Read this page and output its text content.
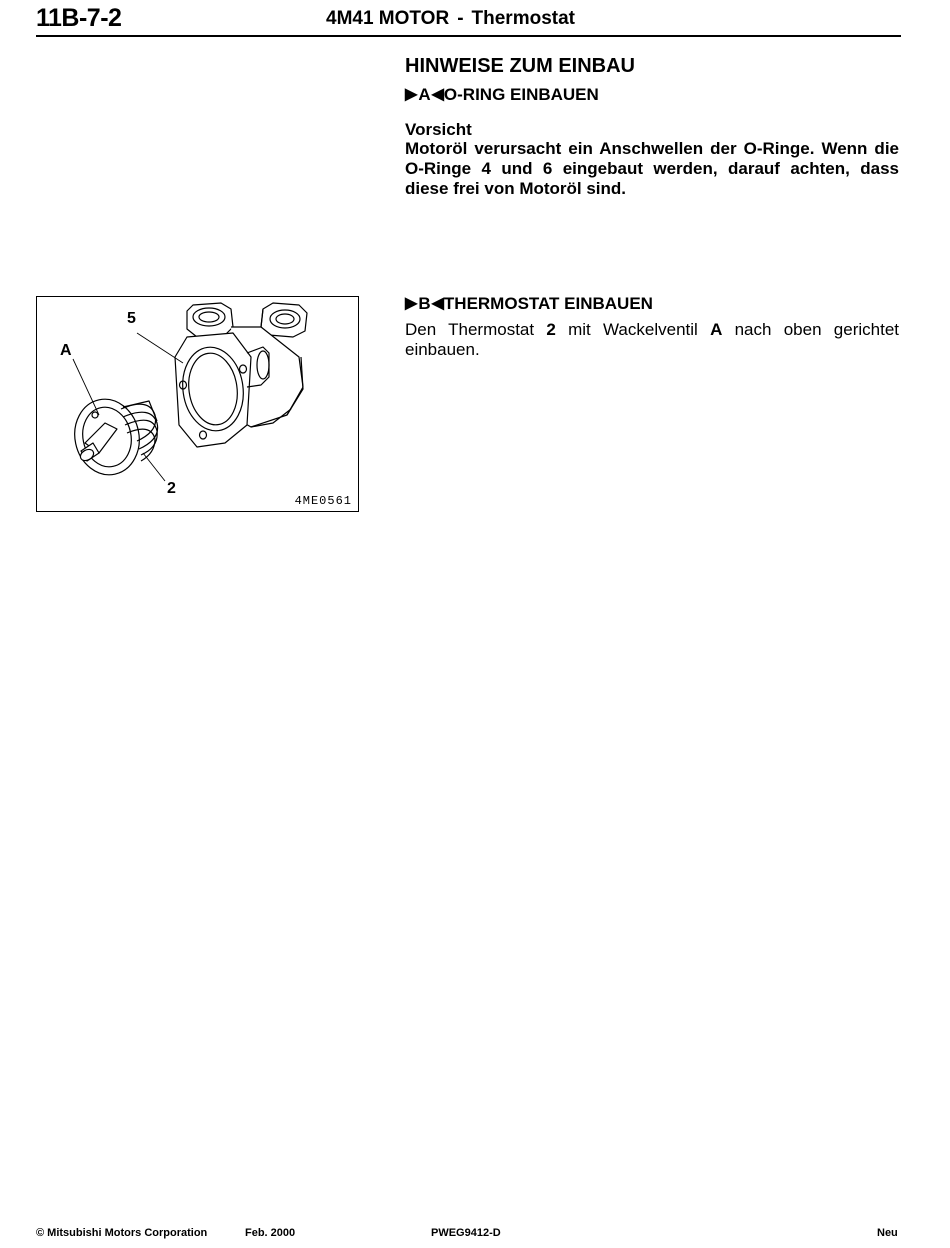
11B-7-2	4M41 MOTOR - Thermostat
HINWEISE ZUM EINBAU
▶ A ◀ O-RING EINBAUEN
Vorsicht
Motoröl verursacht ein Anschwellen der O-Ringe. Wenn die O-Ringe 4 und 6 eingebaut werden, darauf achten, dass diese frei von Motoröl sind.
▶ B ◀ THERMOSTAT EINBAUEN
Den Thermostat 2 mit Wackelventil A nach oben gerichtet einbauen.
5
A
2
4ME0561
© Mitsubishi Motors Corporation	Feb. 2000	PWEG9412-D	Neu
